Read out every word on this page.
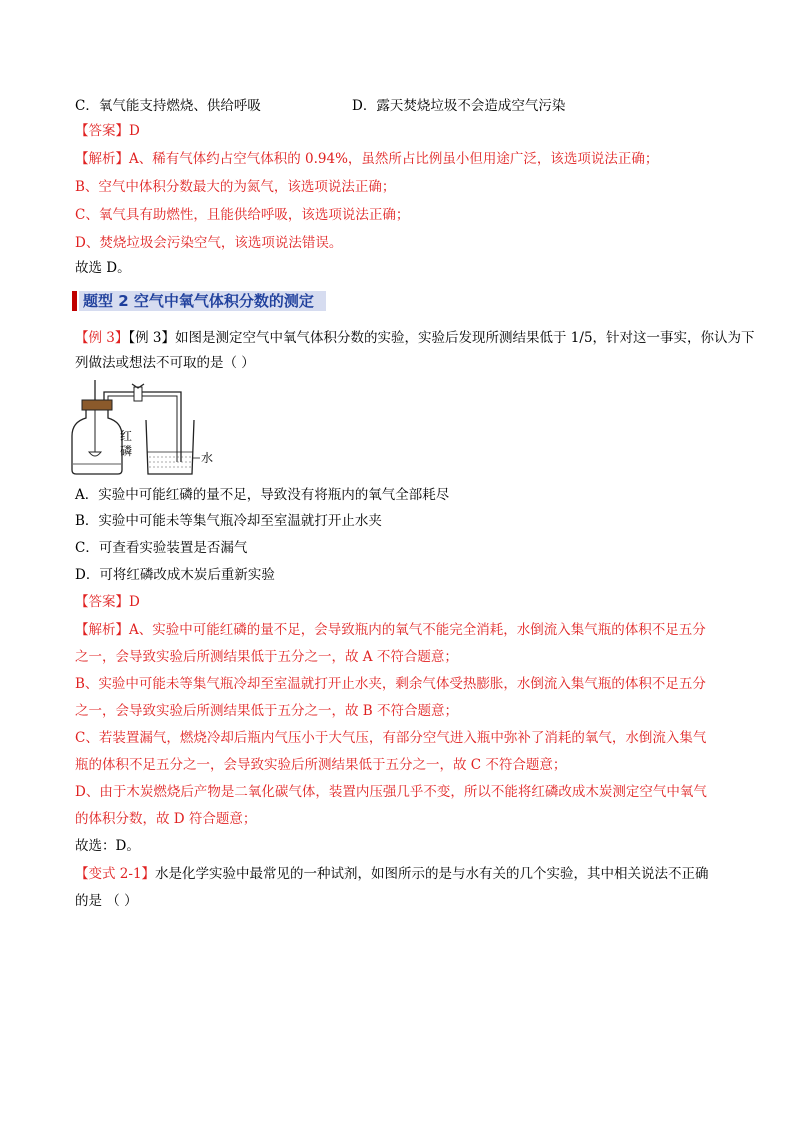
C．氧气能支持燃烧、供给呼吸	D．露天焚烧垃圾不会造成空气污染
【答案】D
【解析】A、稀有气体约占空气体积的 0.94%，虽然所占比例虽小但用途广泛，该选项说法正确；
B、空气中体积分数最大的为氮气，该选项说法正确；
C、氧气具有助燃性，且能供给呼吸，该选项说法正确；
D、焚烧垃圾会污染空气，该选项说法错误。
故选 D。
题型 2 空气中氧气体积分数的测定
【例 3】【例 3】如图是测定空气中氧气体积分数的实验，实验后发现所测结果低于 1/5，针对这一事实，你认为下
列做法或想法不可取的是（ ）
红
磷	水
A．实验中可能红磷的量不足，导致没有将瓶内的氧气全部耗尽
B．实验中可能未等集气瓶冷却至室温就打开止水夹
C．可查看实验装置是否漏气
D．可将红磷改成木炭后重新实验
【答案】D
【解析】A、实验中可能红磷的量不足，会导致瓶内的氧气不能完全消耗，水倒流入集气瓶的体积不足五分
之一，会导致实验后所测结果低于五分之一，故 A 不符合题意；
B、实验中可能未等集气瓶冷却至室温就打开止水夹，剩余气体受热膨胀，水倒流入集气瓶的体积不足五分
之一，会导致实验后所测结果低于五分之一，故 B 不符合题意；
C、若装置漏气，燃烧冷却后瓶内气压小于大气压，有部分空气进入瓶中弥补了消耗的氧气，水倒流入集气
瓶的体积不足五分之一，会导致实验后所测结果低于五分之一，故 C 不符合题意；
D、由于木炭燃烧后产物是二氧化碳气体，装置内压强几乎不变，所以不能将红磷改成木炭测定空气中氧气
的体积分数，故 D 符合题意；
故选：D。
【变式 2-1】水是化学实验中最常见的一种试剂，如图所示的是与水有关的几个实验，其中相关说法不正确
的是 （ ）
